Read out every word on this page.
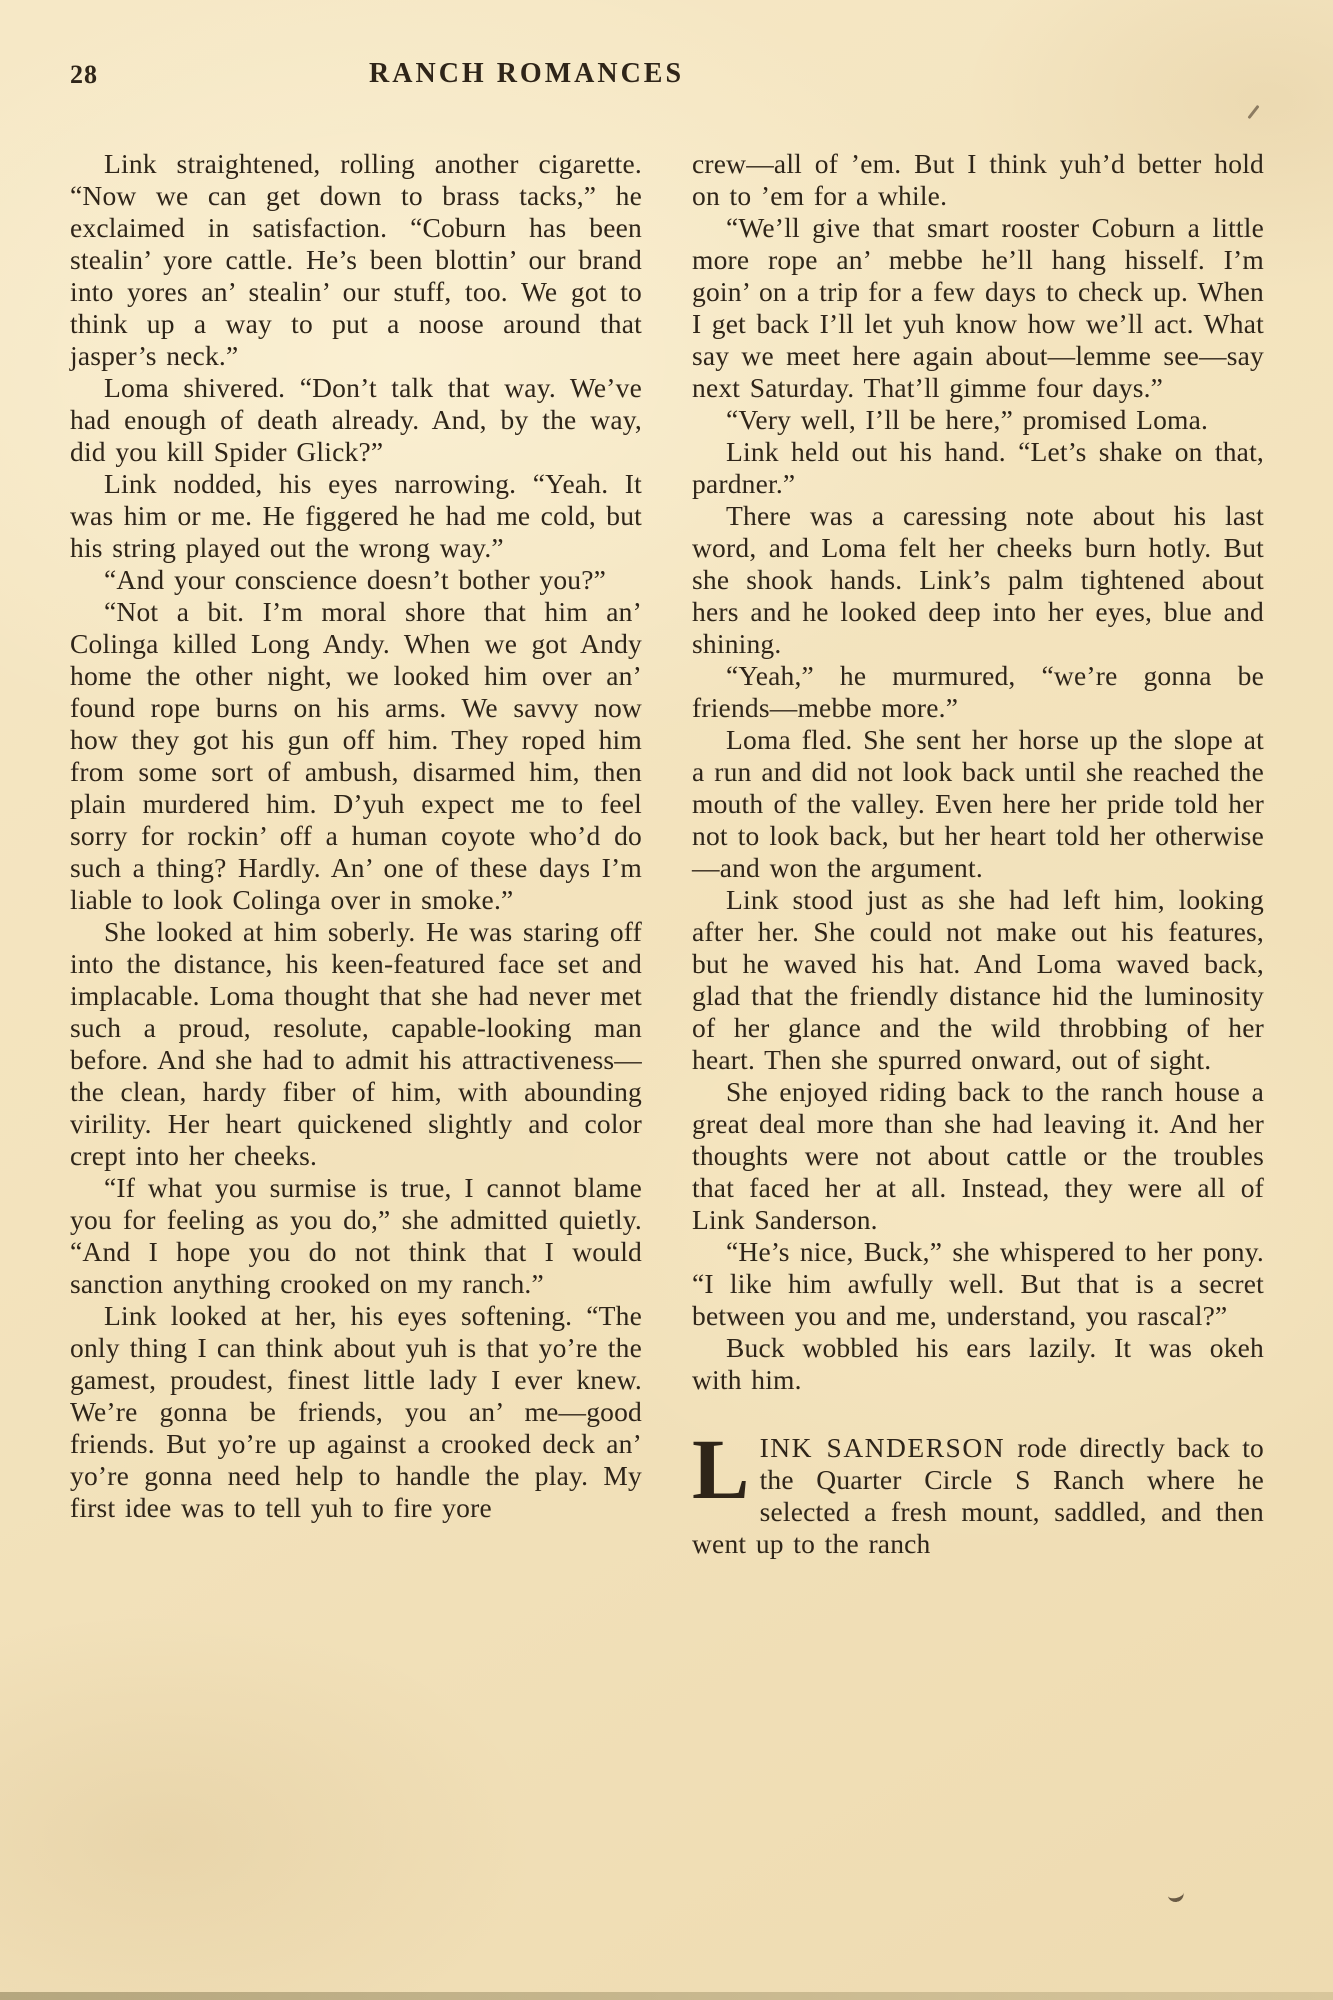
28	RANCH ROMANCES

Link straightened, rolling another cigarette. “Now we can get down to brass tacks,” he exclaimed in satisfaction. “Coburn has been stealin’ yore cattle. He’s been blottin’ our brand into yores an’ stealin’ our stuff, too. We got to think up a way to put a noose around that jasper’s neck.”

Loma shivered. “Don’t talk that way. We’ve had enough of death already. And, by the way, did you kill Spider Glick?”

Link nodded, his eyes narrowing. “Yeah. It was him or me. He figgered he had me cold, but his string played out the wrong way.”

“And your conscience doesn’t bother you?”

“Not a bit. I’m moral shore that him an’ Colinga killed Long Andy. When we got Andy home the other night, we looked him over an’ found rope burns on his arms. We savvy now how they got his gun off him. They roped him from some sort of ambush, disarmed him, then plain murdered him. D’yuh expect me to feel sorry for rockin’ off a human coyote who’d do such a thing? Hardly. An’ one of these days I’m liable to look Colinga over in smoke.”

She looked at him soberly. He was staring off into the distance, his keen-featured face set and implacable. Loma thought that she had never met such a proud, resolute, capable-looking man before. And she had to admit his attractiveness—the clean, hardy fiber of him, with abounding virility. Her heart quickened slightly and color crept into her cheeks.

“If what you surmise is true, I cannot blame you for feeling as you do,” she admitted quietly. “And I hope you do not think that I would sanction anything crooked on my ranch.”

Link looked at her, his eyes softening. “The only thing I can think about yuh is that yo’re the gamest, proudest, finest little lady I ever knew. We’re gonna be friends, you an’ me—good friends. But yo’re up against a crooked deck an’ yo’re gonna need help to handle the play. My first idee was to tell yuh to fire yore

crew—all of ’em. But I think yuh’d better hold on to ’em for a while.

“We’ll give that smart rooster Coburn a little more rope an’ mebbe he’ll hang hisself. I’m goin’ on a trip for a few days to check up. When I get back I’ll let yuh know how we’ll act. What say we meet here again about—lemme see—say next Saturday. That’ll gimme four days.”

“Very well, I’ll be here,” promised Loma.

Link held out his hand. “Let’s shake on that, pardner.”

There was a caressing note about his last word, and Loma felt her cheeks burn hotly. But she shook hands. Link’s palm tightened about hers and he looked deep into her eyes, blue and shining.

“Yeah,” he murmured, “we’re gonna be friends—mebbe more.”

Loma fled. She sent her horse up the slope at a run and did not look back until she reached the mouth of the valley. Even here her pride told her not to look back, but her heart told her otherwise—and won the argument.

Link stood just as she had left him, looking after her. She could not make out his features, but he waved his hat. And Loma waved back, glad that the friendly distance hid the luminosity of her glance and the wild throbbing of her heart. Then she spurred onward, out of sight.

She enjoyed riding back to the ranch house a great deal more than she had leaving it. And her thoughts were not about cattle or the troubles that faced her at all. Instead, they were all of Link Sanderson.

“He’s nice, Buck,” she whispered to her pony. “I like him awfully well. But that is a secret between you and me, understand, you rascal?”

Buck wobbled his ears lazily. It was okeh with him.

LINK SANDERSON rode directly back to the Quarter Circle S Ranch where he selected a fresh mount, saddled, and then went up to the ranch
